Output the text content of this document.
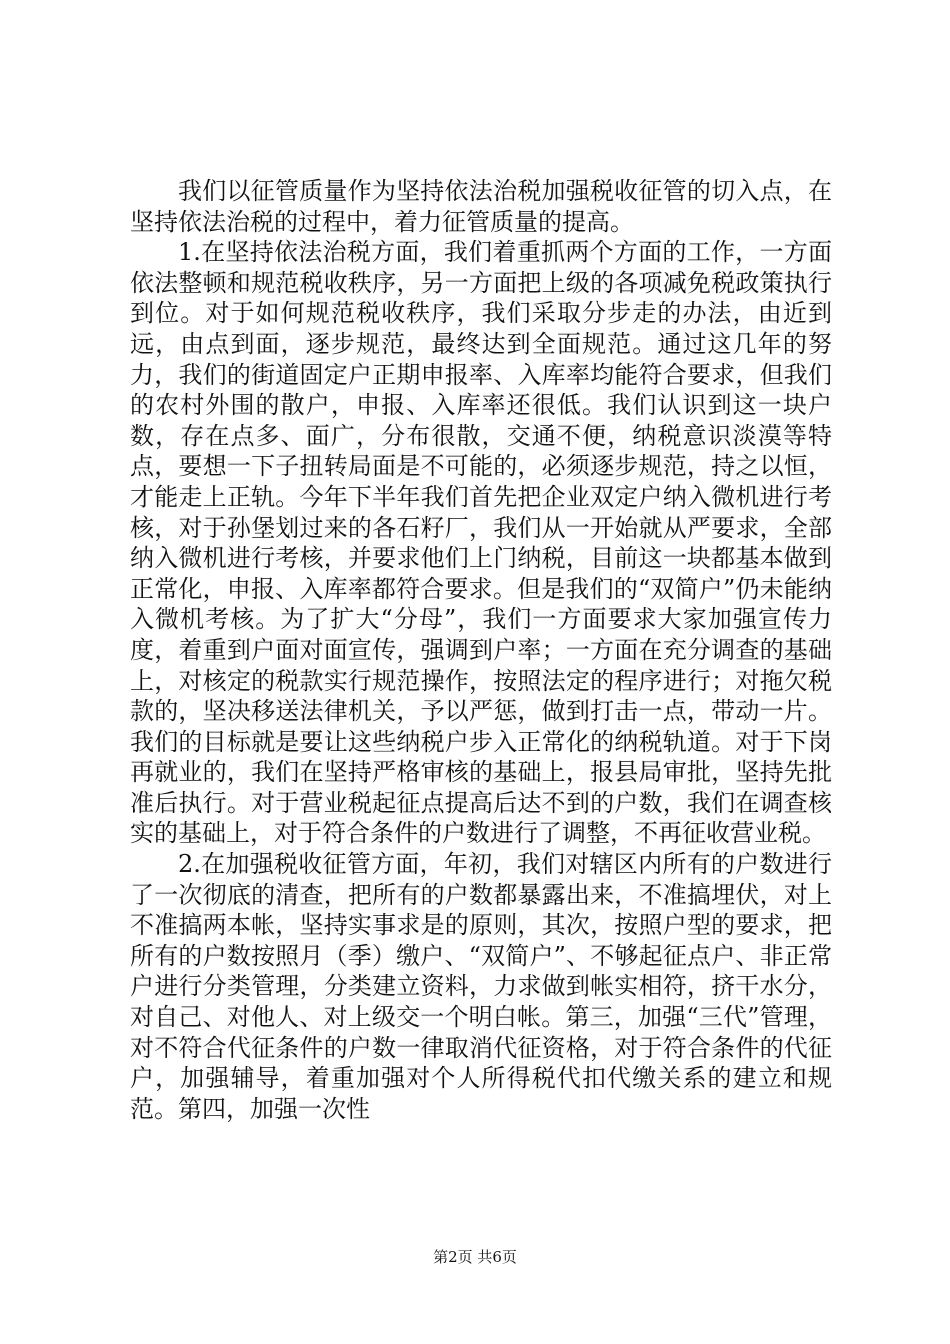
我们以征管质量作为坚持依法治税加强税收征管的切入点，在坚持依法治税的过程中，着力征管质量的提高。

1.在坚持依法治税方面，我们着重抓两个方面的工作，一方面依法整顿和规范税收秩序，另一方面把上级的各项减免税政策执行到位。对于如何规范税收秩序，我们采取分步走的办法，由近到远，由点到面，逐步规范，最终达到全面规范。通过这几年的努力，我们的街道固定户正期申报率、入库率均能符合要求，但我们的农村外围的散户，申报、入库率还很低。我们认识到这一块户数，存在点多、面广，分布很散，交通不便，纳税意识淡漠等特点，要想一下子扭转局面是不可能的，必须逐步规范，持之以恒，才能走上正轨。今年下半年我们首先把企业双定户纳入微机进行考核，对于孙堡划过来的各石籽厂，我们从一开始就从严要求，全部纳入微机进行考核，并要求他们上门纳税，目前这一块都基本做到正常化，申报、入库率都符合要求。但是我们的“双简户”仍未能纳入微机考核。为了扩大“分母”，我们一方面要求大家加强宣传力度，着重到户面对面宣传，强调到户率；一方面在充分调查的基础上，对核定的税款实行规范操作，按照法定的程序进行；对拖欠税款的，坚决移送法律机关，予以严惩，做到打击一点，带动一片。我们的目标就是要让这些纳税户步入正常化的纳税轨道。对于下岗再就业的，我们在坚持严格审核的基础上，报县局审批，坚持先批准后执行。对于营业税起征点提高后达不到的户数，我们在调查核实的基础上，对于符合条件的户数进行了调整，不再征收营业税。

2.在加强税收征管方面，年初，我们对辖区内所有的户数进行了一次彻底的清查，把所有的户数都暴露出来，不准搞埋伏，对上不准搞两本帐，坚持实事求是的原则，其次，按照户型的要求，把所有的户数按照月（季）缴户、“双简户”、不够起征点户、非正常户进行分类管理，分类建立资料，力求做到帐实相符，挤干水分，对自己、对他人、对上级交一个明白帐。第三，加强“三代”管理，对不符合代征条件的户数一律取消代征资格，对于符合条件的代征户，加强辅导，着重加强对个人所得税代扣代缴关系的建立和规范。第四，加强一次性

第2页 共6页
